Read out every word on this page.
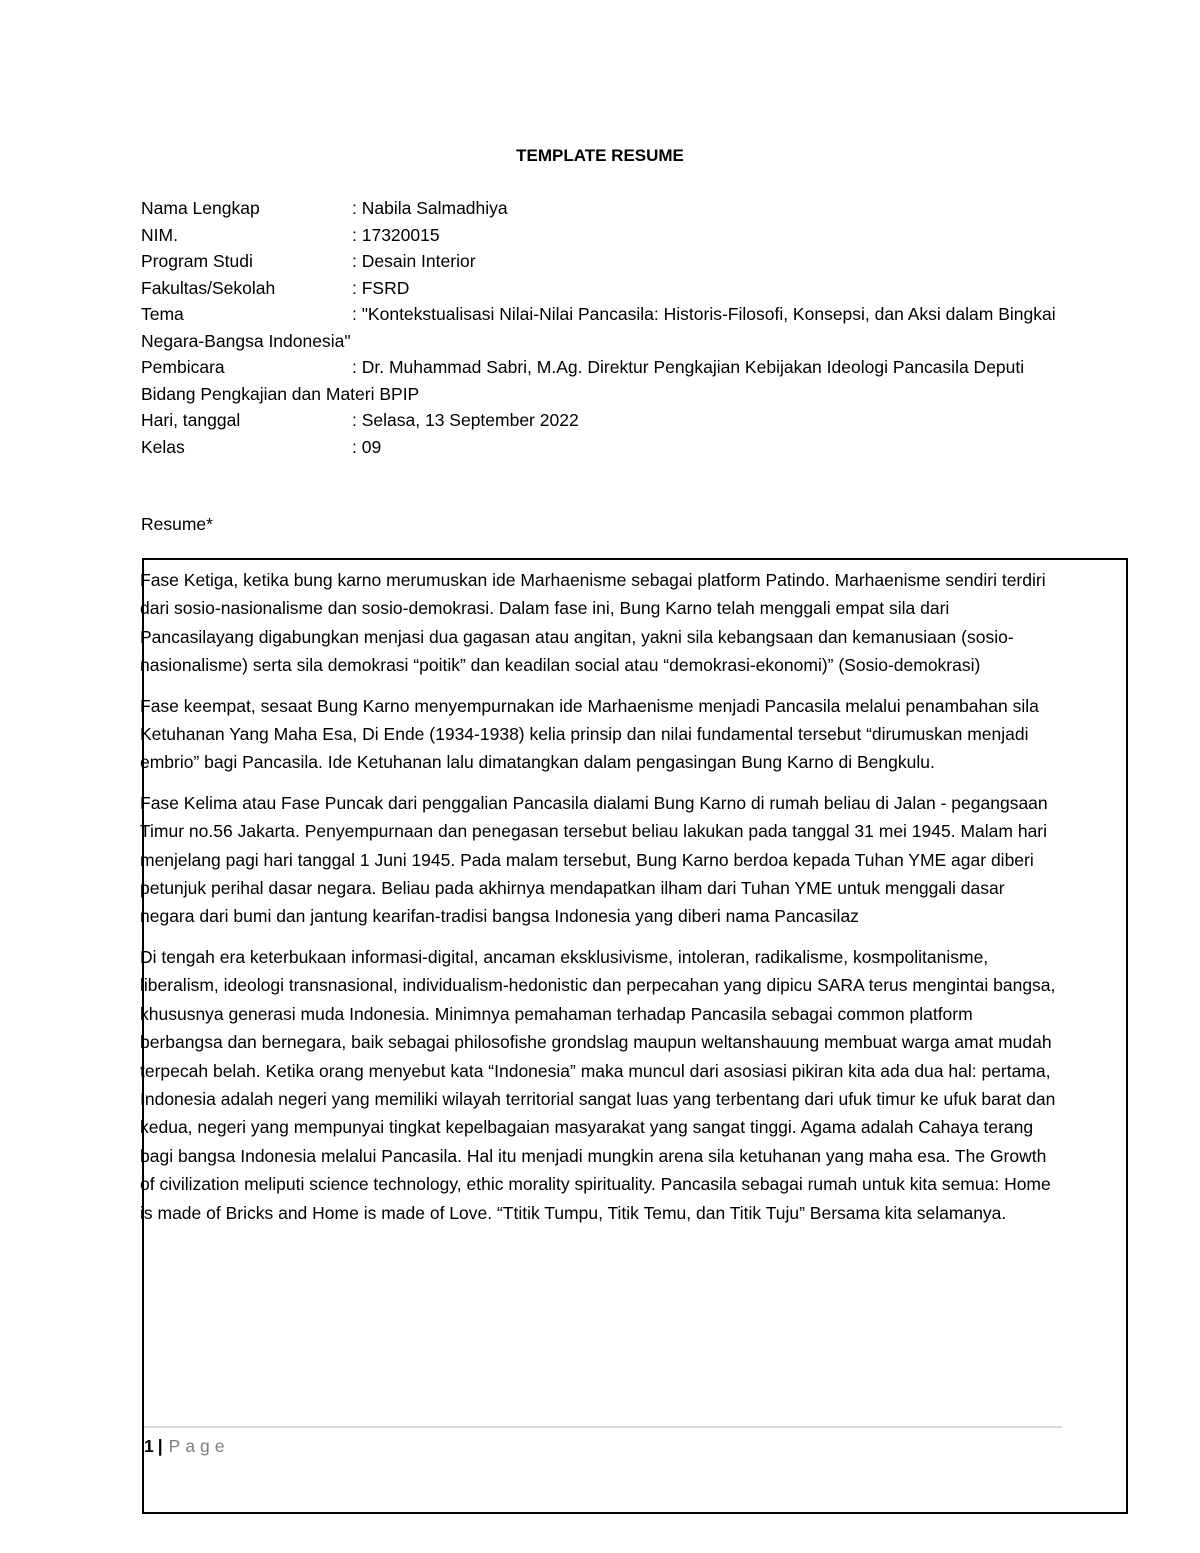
TEMPLATE RESUME
Nama Lengkap	: Nabila Salmadhiya
NIM.	: 17320015
Program Studi	: Desain Interior
Fakultas/Sekolah	: FSRD
Tema	: "Kontekstualisasi Nilai-Nilai Pancasila: Historis-Filosofi, Konsepsi, dan Aksi dalam Bingkai Negara-Bangsa Indonesia"
Pembicara	: Dr. Muhammad Sabri, M.Ag. Direktur Pengkajian Kebijakan Ideologi Pancasila Deputi Bidang Pengkajian dan Materi BPIP
Hari, tanggal	: Selasa, 13 September 2022
Kelas	: 09
Resume*

Fase Ketiga, ketika bung karno merumuskan ide Marhaenisme sebagai platform Patindo. Marhaenisme sendiri terdiri dari sosio-nasionalisme dan sosio-demokrasi. Dalam fase ini, Bung Karno telah menggali empat sila dari Pancasilayang digabungkan menjasi dua gagasan atau angitan, yakni sila kebangsaan dan kemanusiaan (sosio-nasionalisme) serta sila demokrasi “poitik” dan keadilan social atau “demokrasi-ekonomi)” (Sosio-demokrasi)

Fase keempat, sesaat Bung Karno menyempurnakan ide Marhaenisme menjadi Pancasila melalui penambahan sila Ketuhanan Yang Maha Esa, Di Ende (1934-1938) kelia prinsip dan nilai fundamental tersebut “dirumuskan menjadi embrio” bagi Pancasila. Ide Ketuhanan lalu dimatangkan dalam pengasingan Bung Karno di Bengkulu.

Fase Kelima atau Fase Puncak dari penggalian Pancasila dialami Bung Karno di rumah beliau di Jalan - pegangsaan Timur no.56 Jakarta. Penyempurnaan dan penegasan tersebut beliau lakukan pada tanggal 31 mei 1945. Malam hari menjelang pagi hari tanggal 1 Juni 1945. Pada malam tersebut, Bung Karno berdoa kepada Tuhan YME agar diberi petunjuk perihal dasar negara. Beliau pada akhirnya mendapatkan ilham dari Tuhan YME untuk menggali dasar negara dari bumi dan jantung kearifan-tradisi bangsa Indonesia yang diberi nama Pancasilaz

Di tengah era keterbukaan informasi-digital, ancaman eksklusivisme, intoleran, radikalisme, kosmpolitanisme, liberalism, ideologi transnasional, individualism-hedonistic dan perpecahan yang dipicu SARA terus mengintai bangsa, khususnya generasi muda Indonesia. Minimnya pemahaman terhadap Pancasila sebagai common platform berbangsa dan bernegara, baik sebagai philosofishe grondslag maupun weltanshauung membuat warga amat mudah terpecah belah. Ketika orang menyebut kata “Indonesia” maka muncul dari asosiasi pikiran kita ada dua hal: pertama, Indonesia adalah negeri yang memiliki wilayah territorial sangat luas yang terbentang dari ufuk timur ke ufuk barat dan kedua, negeri yang mempunyai tingkat kepelbagaian masyarakat yang sangat tinggi. Agama adalah Cahaya terang bagi bangsa Indonesia melalui Pancasila. Hal itu menjadi mungkin arena sila ketuhanan yang maha esa. The Growth of civilization meliputi science technology, ethic morality spirituality. Pancasila sebagai rumah untuk kita semua: Home is made of Bricks and Home is made of Love. “Ttitik Tumpu, Titik Temu, dan Titik Tuju” Bersama kita selamanya.

1 | Page
